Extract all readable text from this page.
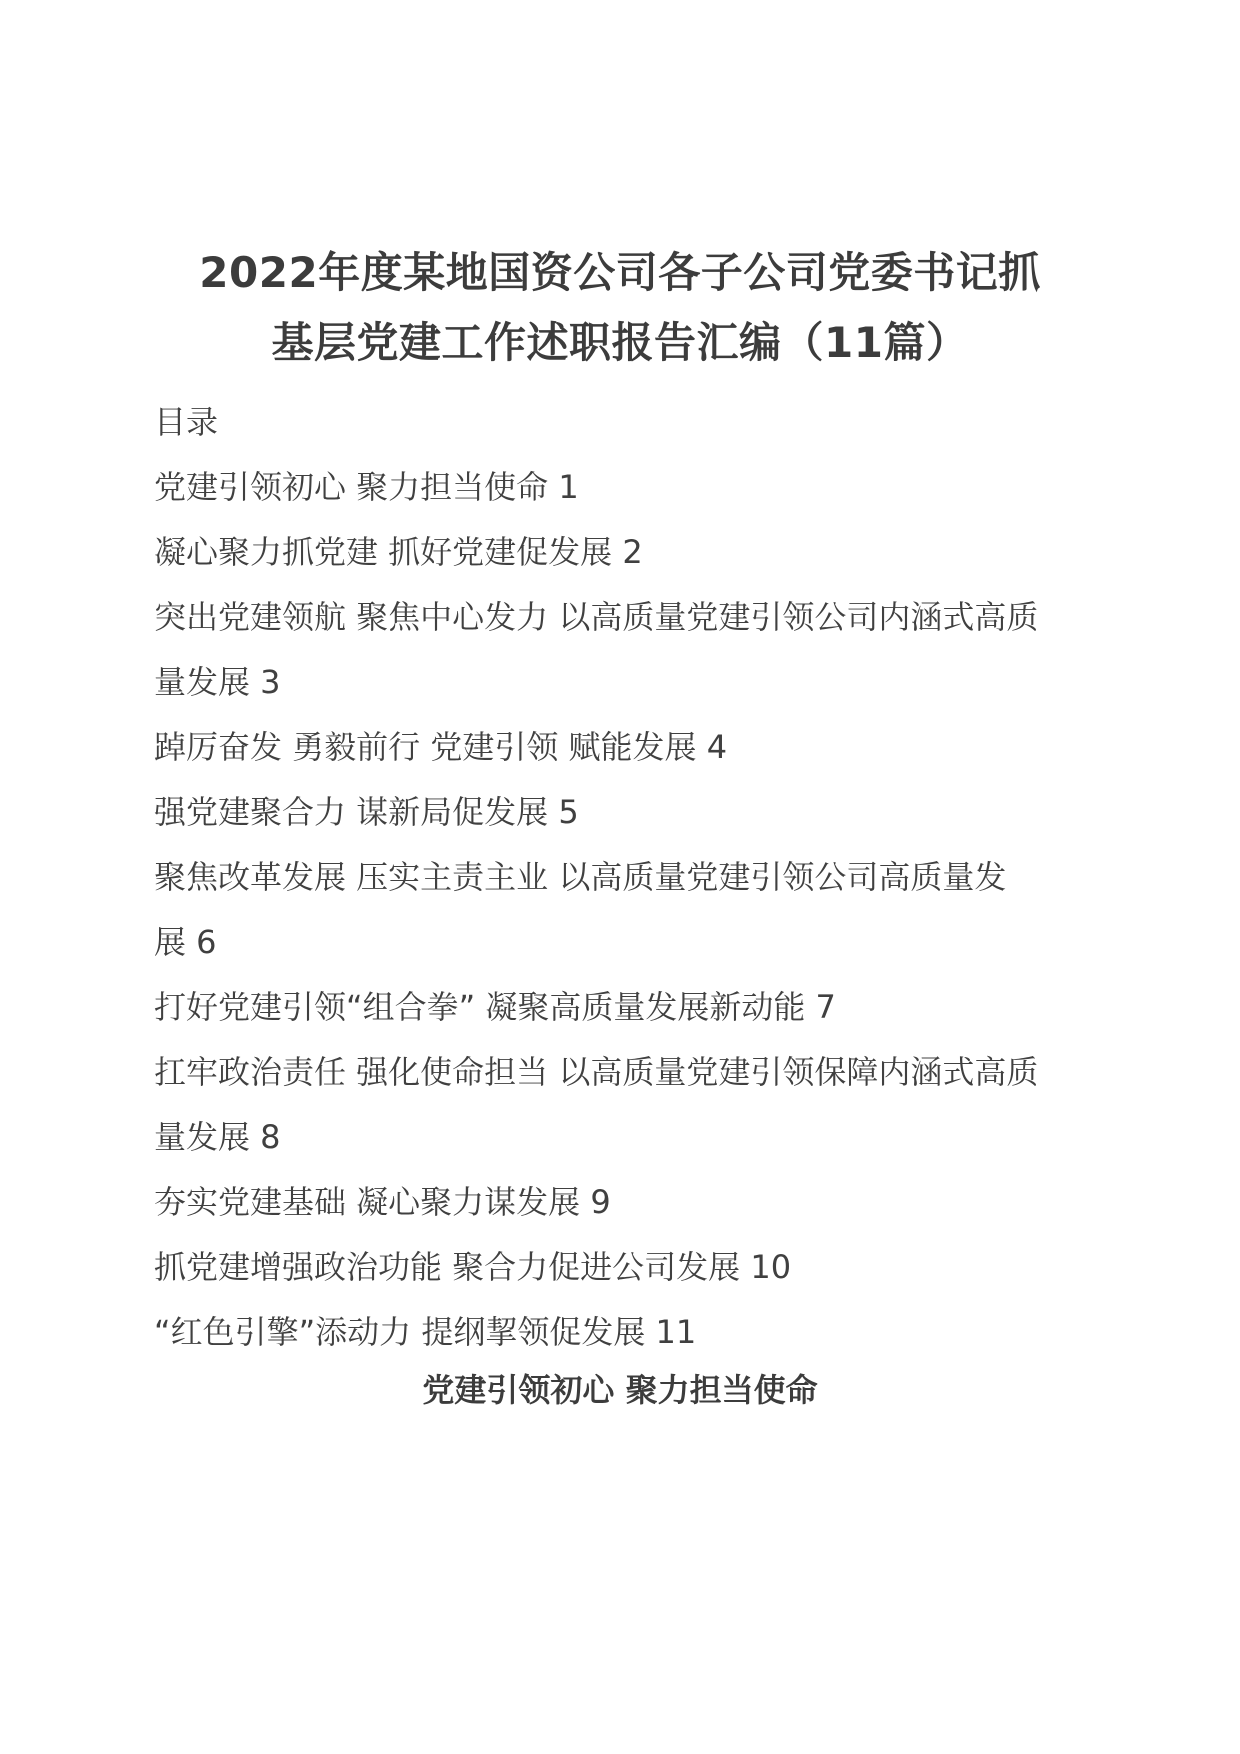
2022年度某地国资公司各子公司党委书记抓
基层党建工作述职报告汇编（11篇）
目录
党建引领初心 聚力担当使命 1
凝心聚力抓党建 抓好党建促发展 2
突出党建领航 聚焦中心发力 以高质量党建引领公司内涵式高质
量发展 3
踔厉奋发 勇毅前行 党建引领 赋能发展 4
强党建聚合力 谋新局促发展 5
聚焦改革发展 压实主责主业 以高质量党建引领公司高质量发
展 6
打好党建引领“组合拳” 凝聚高质量发展新动能 7
扛牢政治责任 强化使命担当 以高质量党建引领保障内涵式高质
量发展 8
夯实党建基础 凝心聚力谋发展 9
抓党建增强政治功能 聚合力促进公司发展 10
“红色引擎”添动力 提纲挈领促发展 11
党建引领初心 聚力担当使命
